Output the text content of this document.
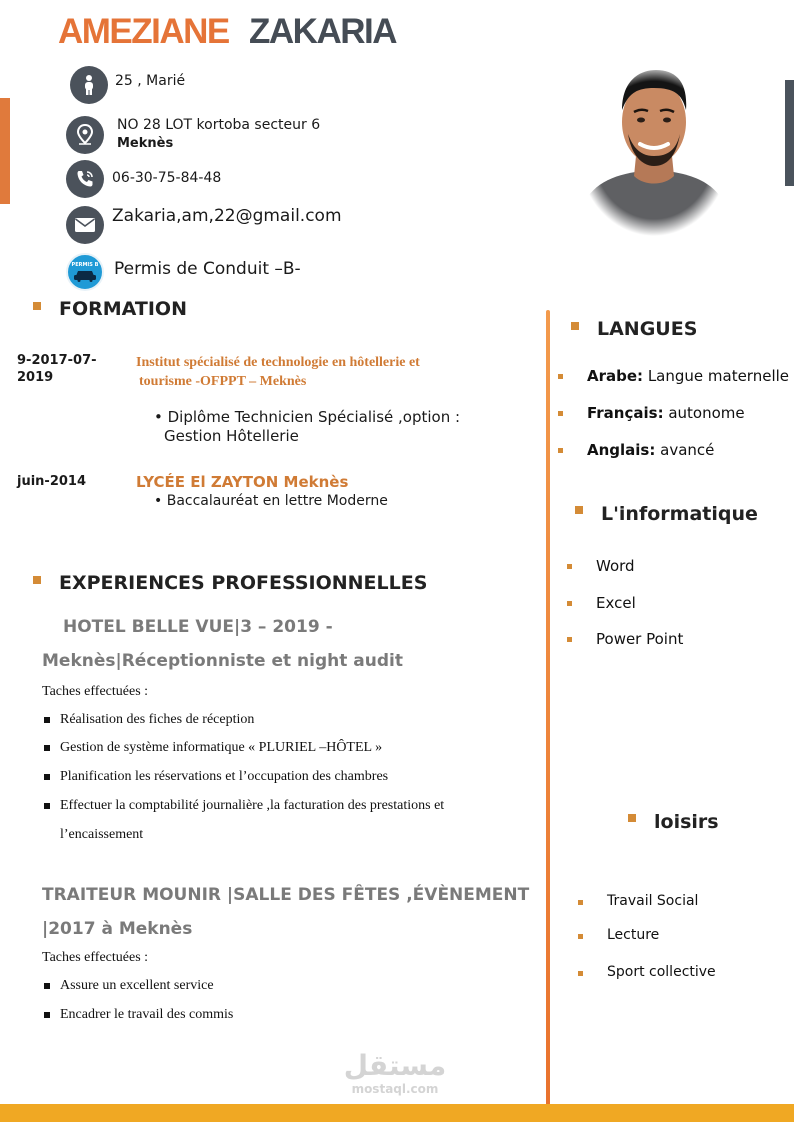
AMEZIANE ZAKARIA
25 , Marié
NO 28 LOT kortoba secteur 6
Meknès
06-30-75-84-48
Zakaria,am,22@gmail.com
PERMIS B Permis de Conduit –B-
FORMATION
9-2017-07-
2019
Institut spécialisé de technologie en hôtellerie et
tourisme -OFPPT – Meknès
• Diplôme Technicien Spécialisé ,option :
Gestion Hôtellerie
juin-2014	LYCÉE El ZAYTON Meknès
• Baccalauréat en lettre Moderne
EXPERIENCES PROFESSIONNELLES
HOTEL BELLE VUE|3 – 2019 -
Meknès|Réceptionniste et night audit
Taches effectuées :
Réalisation des fiches de réception
Gestion de système informatique « PLURIEL –HÔTEL »
Planification les réservations et l’occupation des chambres
Effectuer la comptabilité journalière ,la facturation des prestations et
l’encaissement
TRAITEUR MOUNIR |SALLE DES FÊTES ,ÉVÈNEMENT
|2017 à Meknès
Taches effectuées :
Assure un excellent service
Encadrer le travail des commis
LANGUES
Arabe: Langue maternelle
Français: autonome
Anglais: avancé
L'informatique
Word
Excel
Power Point
loisirs
Travail Social
Lecture
Sport collective
مستقل
mostaql.com
